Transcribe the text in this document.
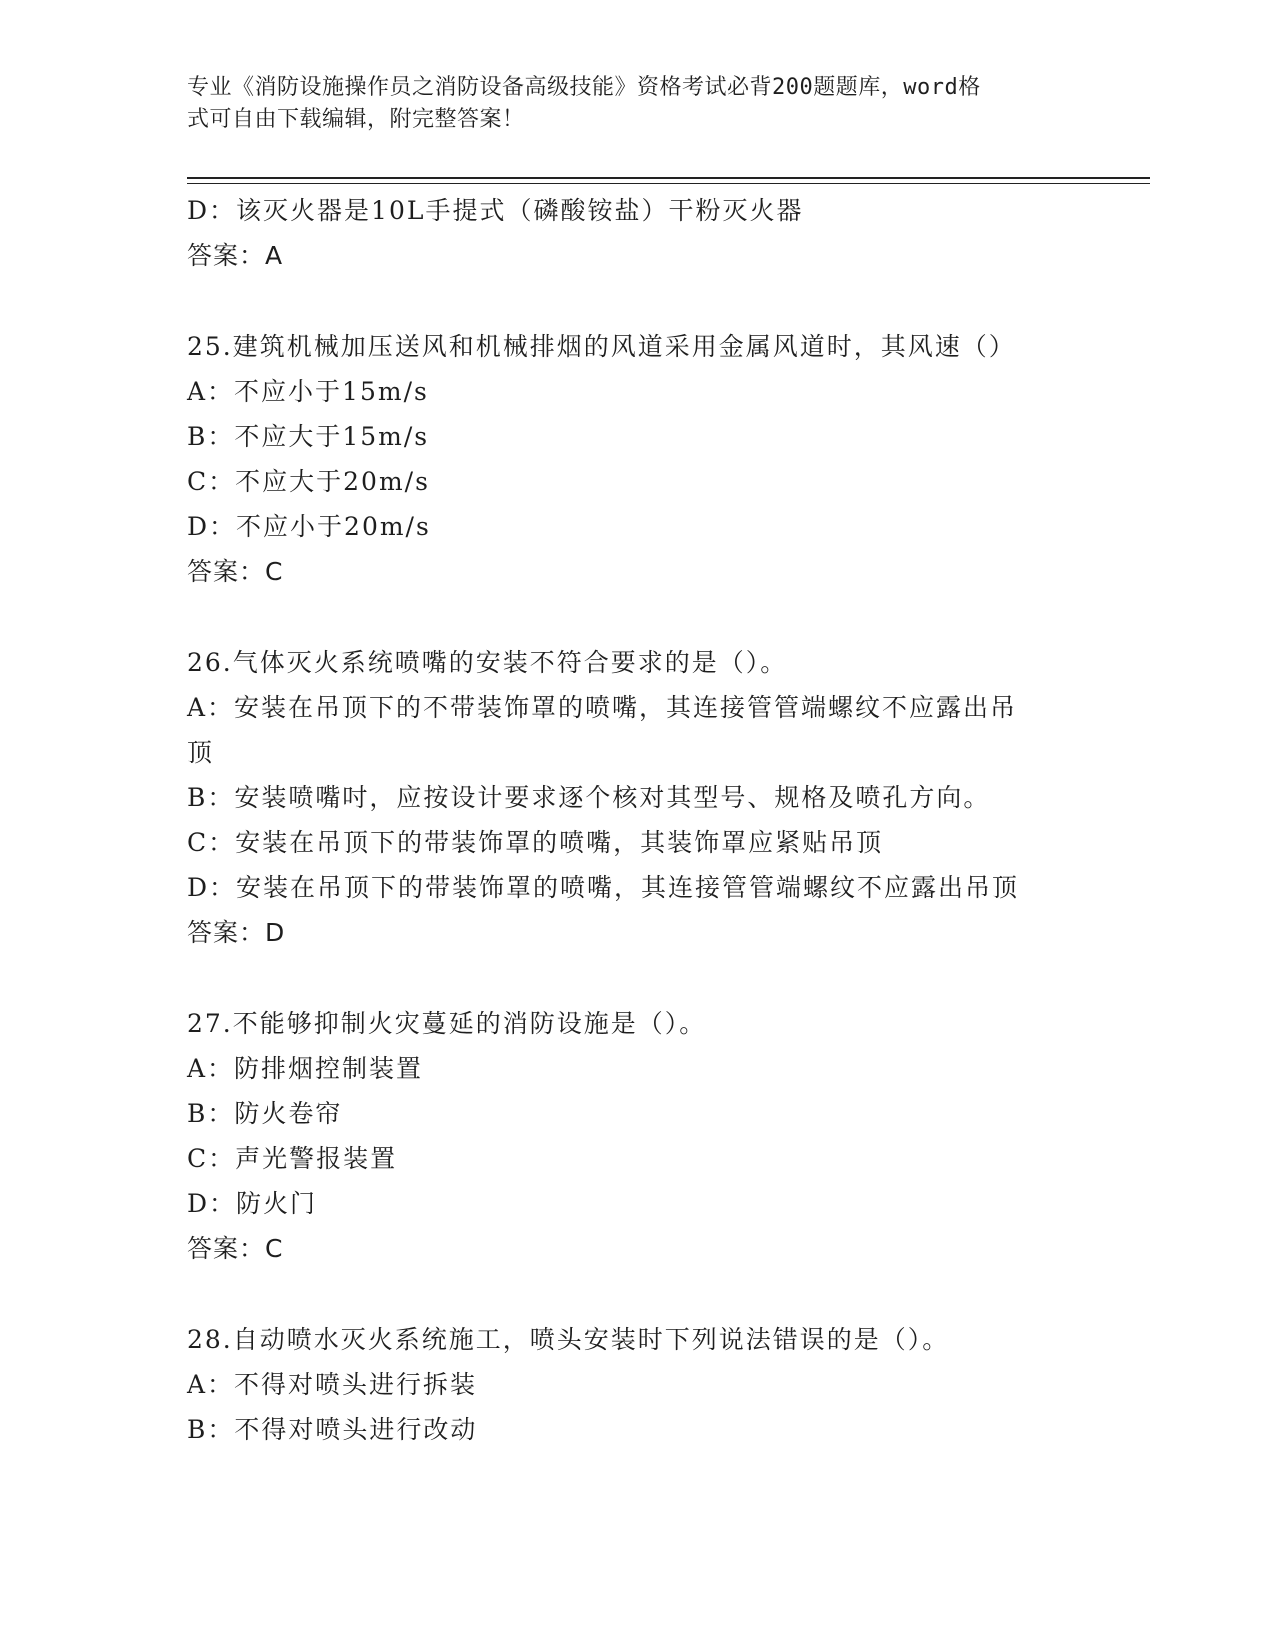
专业《消防设施操作员之消防设备高级技能》资格考试必背200题题库，word格
式可自由下载编辑，附完整答案！
D：该灭火器是10L手提式（磷酸铵盐）干粉灭火器
答案：A
25.建筑机械加压送风和机械排烟的风道采用金属风道时，其风速（）
A：不应小于15m/s
B：不应大于15m/s
C：不应大于20m/s
D：不应小于20m/s
答案：C
26.气体灭火系统喷嘴的安装不符合要求的是（）。
A：安装在吊顶下的不带装饰罩的喷嘴，其连接管管端螺纹不应露出吊
顶
B：安装喷嘴吋，应按设计要求逐个核对其型号、规格及喷孔方向。
C：安装在吊顶下的带装饰罩的喷嘴，其装饰罩应紧贴吊顶
D：安装在吊顶下的带装饰罩的喷嘴，其连接管管端螺纹不应露出吊顶
答案：D
27.不能够抑制火灾蔓延的消防设施是（）。
A：防排烟控制装置
B：防火卷帘
C：声光警报装置
D：防火门
答案：C
28.自动喷水灭火系统施工，喷头安装时下列说法错误的是（）。
A：不得对喷头进行拆装
B：不得对喷头进行改动
